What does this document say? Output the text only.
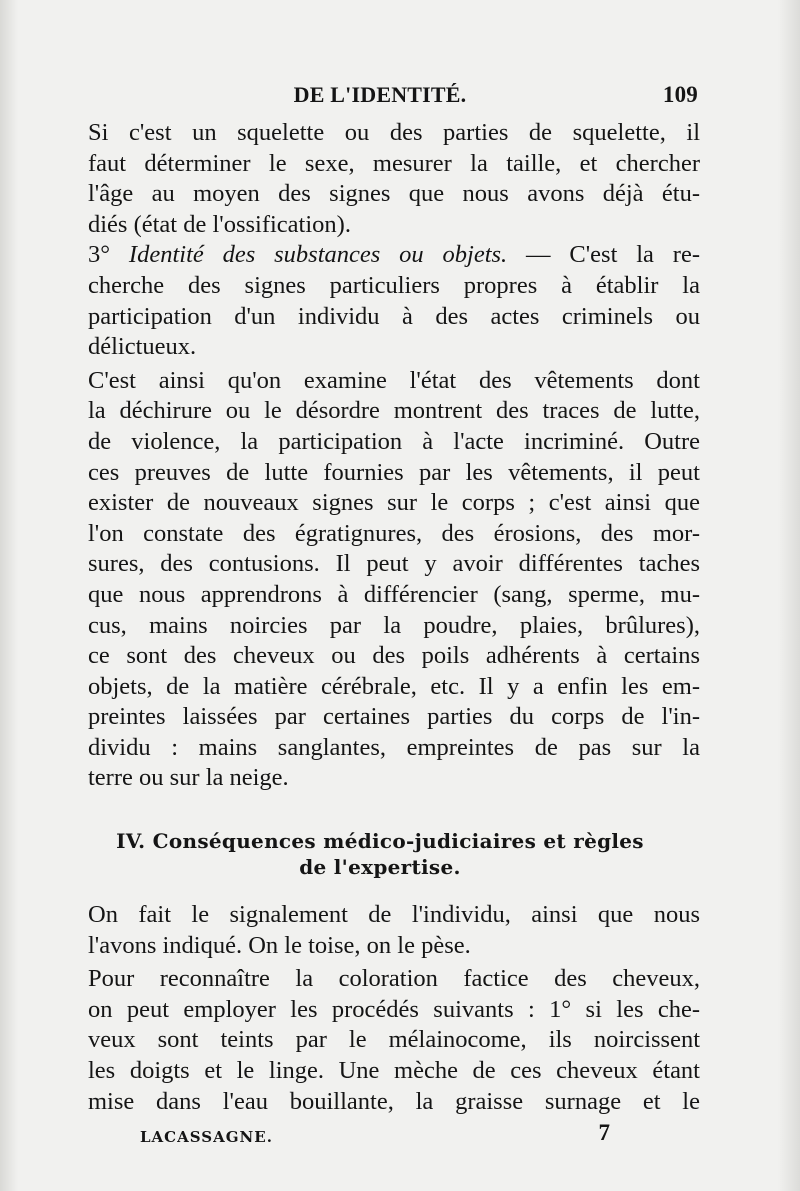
DE L'IDENTITÉ.	109

Si c'est un squelette ou des parties de squelette, il
faut déterminer le sexe, mesurer la taille, et chercher
l'âge au moyen des signes que nous avons déjà étu-
diés (état de l'ossification).

3° Identité des substances ou objets. — C'est la re-
cherche des signes particuliers propres à établir la
participation d'un individu à des actes criminels ou
délictueux.

C'est ainsi qu'on examine l'état des vêtements dont
la déchirure ou le désordre montrent des traces de lutte,
de violence, la participation à l'acte incriminé. Outre
ces preuves de lutte fournies par les vêtements, il peut
exister de nouveaux signes sur le corps ; c'est ainsi que
l'on constate des égratignures, des érosions, des mor-
sures, des contusions. Il peut y avoir différentes taches
que nous apprendrons à différencier (sang, sperme, mu-
cus, mains noircies par la poudre, plaies, brûlures),
ce sont des cheveux ou des poils adhérents à certains
objets, de la matière cérébrale, etc. Il y a enfin les em-
preintes laissées par certaines parties du corps de l'in-
dividu : mains sanglantes, empreintes de pas sur la
terre ou sur la neige.

IV. Conséquences médico-judiciaires et règles
de l'expertise.

On fait le signalement de l'individu, ainsi que nous
l'avons indiqué. On le toise, on le pèse.

Pour reconnaître la coloration factice des cheveux,
on peut employer les procédés suivants : 1° si les che-
veux sont teints par le mélainocome, ils noircissent
les doigts et le linge. Une mèche de ces cheveux étant
mise dans l'eau bouillante, la graisse surnage et le

LACASSAGNE.	7
